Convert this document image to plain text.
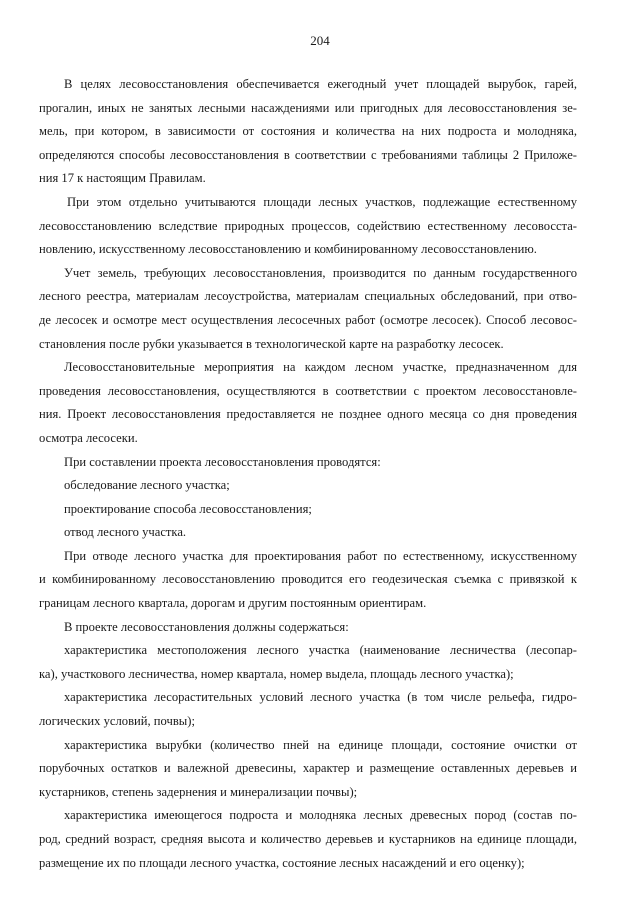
204
В целях лесовосстановления обеспечивается ежегодный учет площадей вырубок, гарей,
прогалин, иных не занятых лесными насаждениями или пригодных для лесовосстановления зе-
мель, при котором, в зависимости от состояния и количества на них подроста и молодняка,
определяются способы лесовосстановления в соответствии с требованиями таблицы 2 Приложе-
ния 17 к настоящим Правилам.
При этом отдельно учитываются площади лесных участков, подлежащие естественному
лесовосстановлению вследствие природных процессов, содействию естественному лесовосста-
новлению, искусственному лесовосстановлению и комбинированному лесовосстановлению.
Учет земель, требующих лесовосстановления, производится по данным государственного
лесного реестра, материалам лесоустройства, материалам специальных обследований, при отво-
де лесосек и осмотре мест осуществления лесосечных работ (осмотре лесосек). Способ лесовос-
становления после рубки указывается в технологической карте на разработку лесосек.
Лесовосстановительные мероприятия на каждом лесном участке, предназначенном для
проведения лесовосстановления, осуществляются в соответствии с проектом лесовосстановле-
ния. Проект лесовосстановления предоставляется не позднее одного месяца со дня проведения
осмотра лесосеки.
При составлении проекта лесовосстановления проводятся:
обследование лесного участка;
проектирование способа лесовосстановления;
отвод лесного участка.
При отводе лесного участка для проектирования работ по естественному, искусственному
и комбинированному лесовосстановлению проводится его геодезическая съемка с привязкой к
границам лесного квартала, дорогам и другим постоянным ориентирам.
В проекте лесовосстановления должны содержаться:
характеристика местоположения лесного участка (наименование лесничества (лесопар-
ка), участкового лесничества, номер квартала, номер выдела, площадь лесного участка);
характеристика лесорастительных условий лесного участка (в том числе рельефа, гидро-
логических условий, почвы);
характеристика вырубки (количество пней на единице площади, состояние очистки от
порубочных остатков и валежной древесины, характер и размещение оставленных деревьев и
кустарников, степень задернения и минерализации почвы);
характеристика имеющегося подроста и молодняка лесных древесных пород (состав по-
род, средний возраст, средняя высота и количество деревьев и кустарников на единице площади,
размещение их по площади лесного участка, состояние лесных насаждений и его оценку);
